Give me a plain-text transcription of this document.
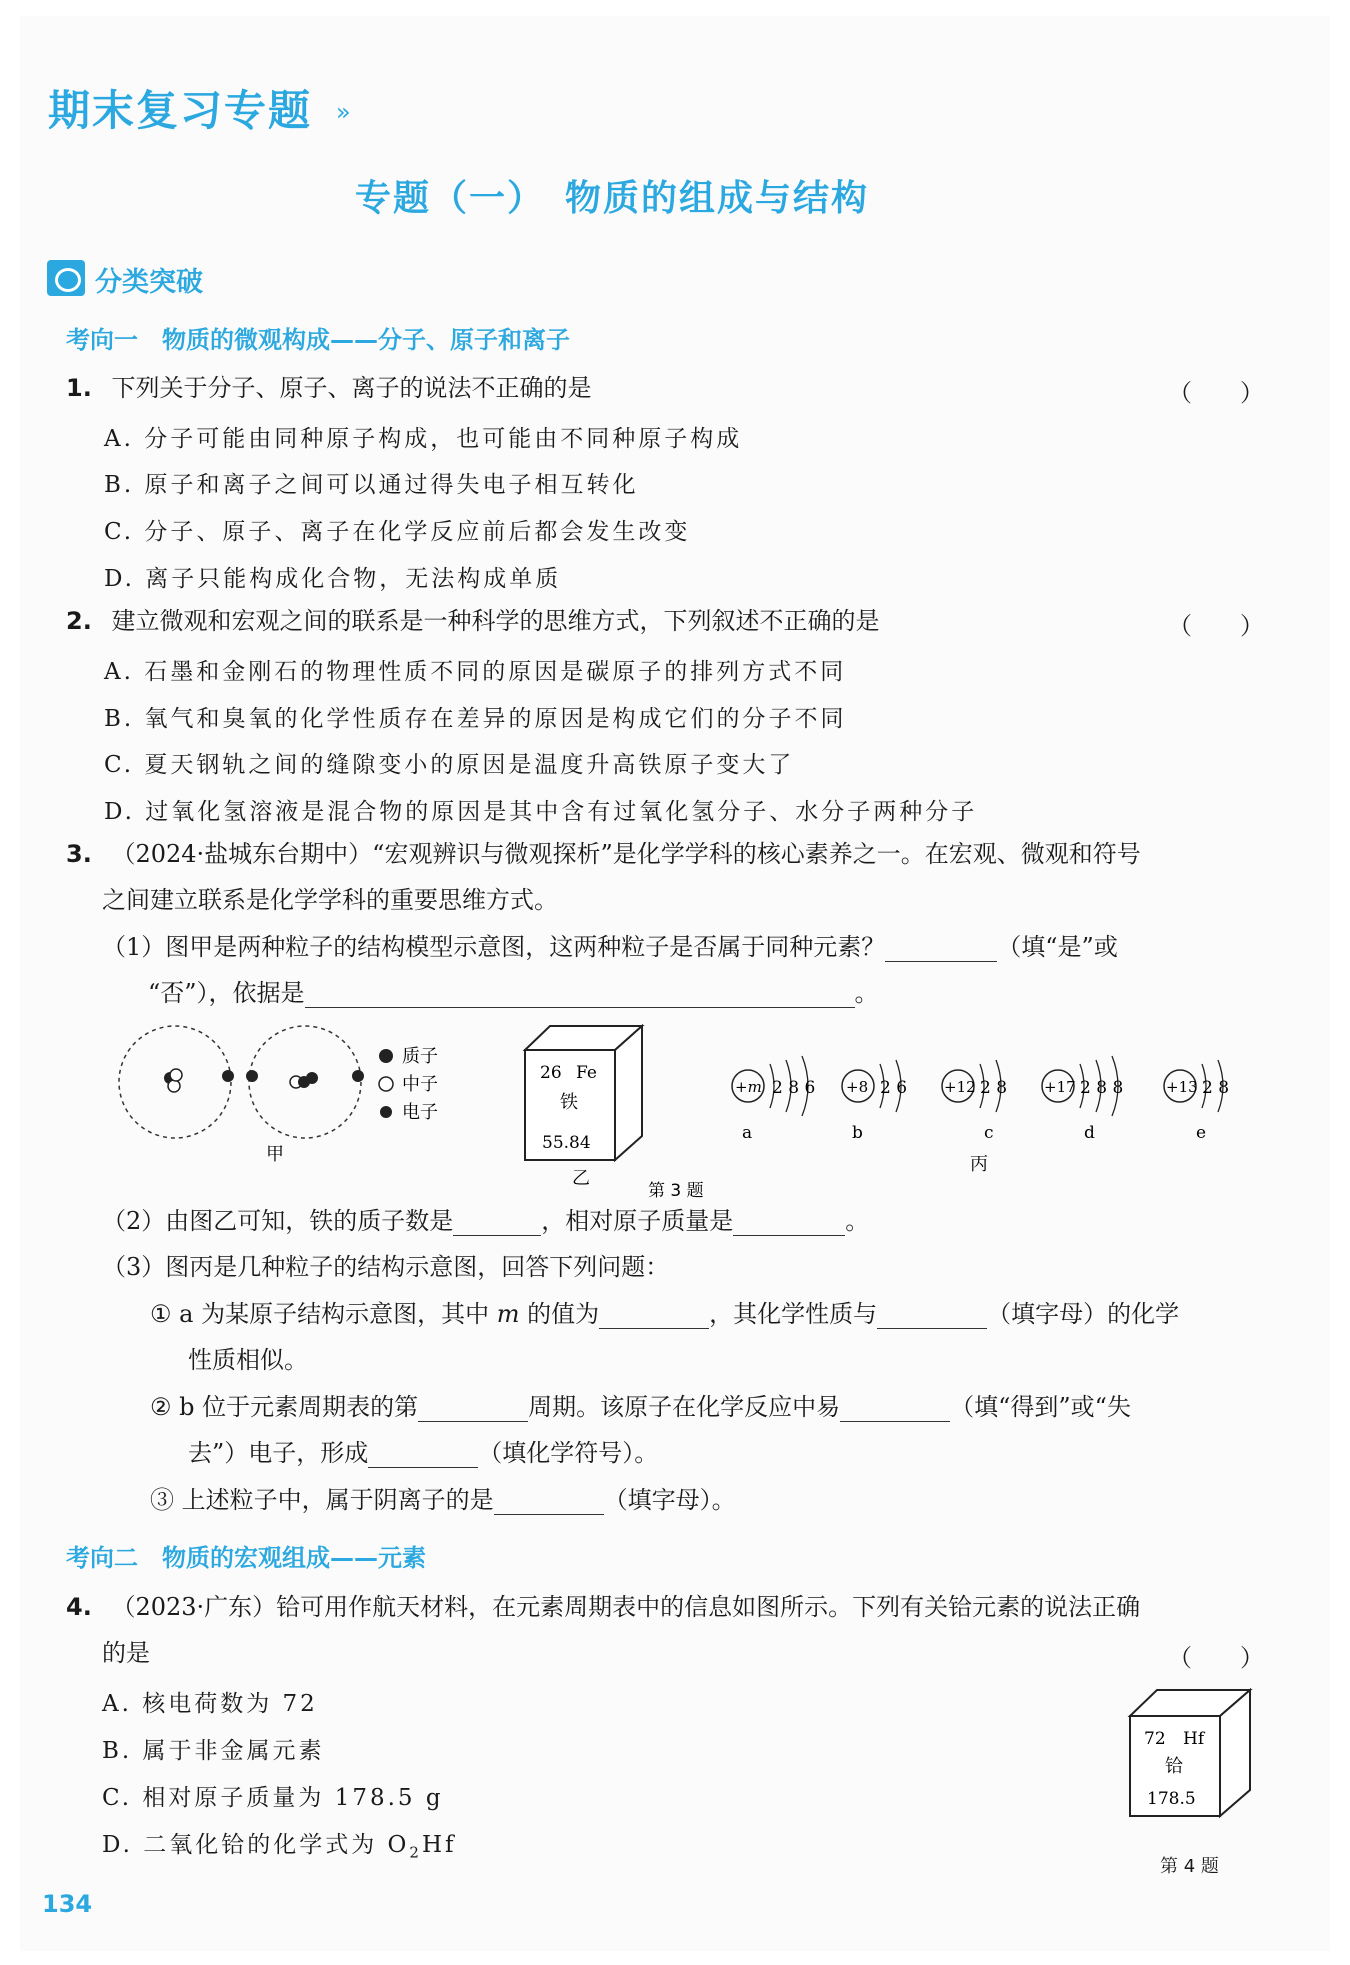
期末复习专题 »
专题（一）　物质的组成与结构
分类突破
考向一　物质的微观构成——分子、原子和离子
1. 下列关于分子、原子、离子的说法不正确的是	（　　）
A. 分子可能由同种原子构成，也可能由不同种原子构成
B. 原子和离子之间可以通过得失电子相互转化
C. 分子、原子、离子在化学反应前后都会发生改变
D. 离子只能构成化合物，无法构成单质
2. 建立微观和宏观之间的联系是一种科学的思维方式，下列叙述不正确的是	（　　）
A. 石墨和金刚石的物理性质不同的原因是碳原子的排列方式不同
B. 氧气和臭氧的化学性质存在差异的原因是构成它们的分子不同
C. 夏天钢轨之间的缝隙变小的原因是温度升高铁原子变大了
D. 过氧化氢溶液是混合物的原因是其中含有过氧化氢分子、水分子两种分子
3. （2024·盐城东台期中）“宏观辨识与微观探析”是化学学科的核心素养之一。在宏观、微观和符号
之间建立联系是化学学科的重要思维方式。
（1）图甲是两种粒子的结构模型示意图，这两种粒子是否属于同种元素？	（填“是”或
“否”），依据是	。
质子
中子
电子
甲
26 Fe
铁
55.84
乙
第 3 题
+m 2 8 6
a
+8 2 6
b
+12 2 8
c
丙
+17 2 8 8
d
+13 2 8
e
（2）由图乙可知，铁的质子数是	，相对原子质量是	。
（3）图丙是几种粒子的结构示意图，回答下列问题：
① a 为某原子结构示意图，其中 m 的值为	，其化学性质与	（填字母）的化学
性质相似。
② b 位于元素周期表的第	周期。该原子在化学反应中易	（填“得到”或“失
去”）电子，形成	（填化学符号）。
③ 上述粒子中，属于阴离子的是	（填字母）。
考向二　物质的宏观组成——元素
4. （2023·广东）铪可用作航天材料，在元素周期表中的信息如图所示。下列有关铪元素的说法正确
的是	（　　）
A. 核电荷数为 72
B. 属于非金属元素
C. 相对原子质量为 178.5 g
D. 二氧化铪的化学式为 $O_2Hf$
72 Hf
铪
178.5
第 4 题
134
